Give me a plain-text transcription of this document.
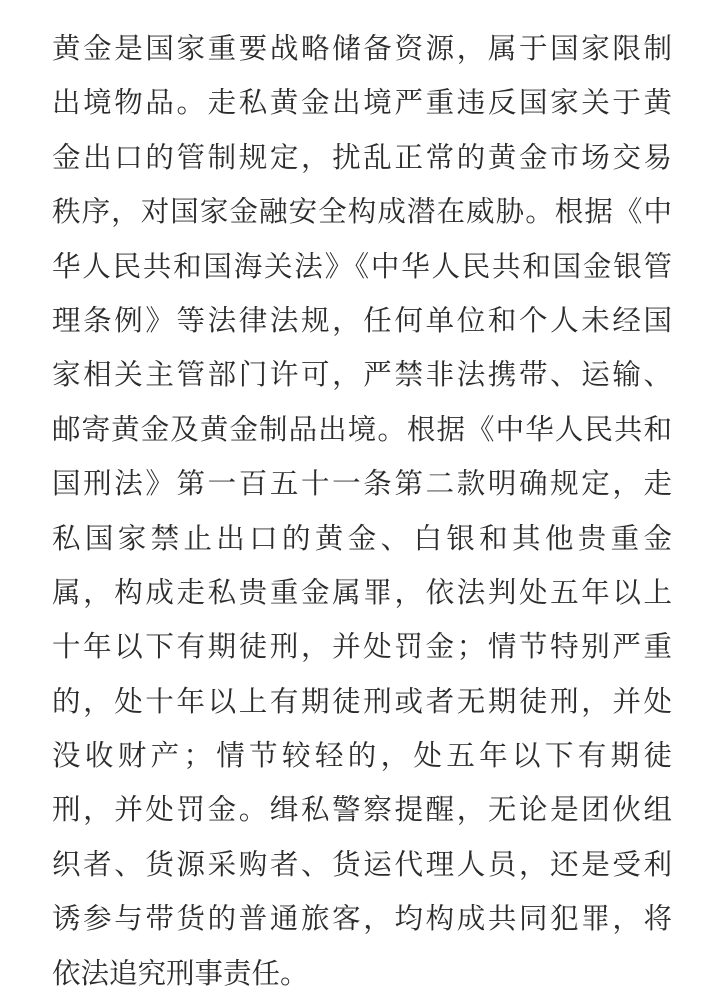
黄金是国家重要战略储备资源，属于国家限制
出境物品。走私黄金出境严重违反国家关于黄
金出口的管制规定，扰乱正常的黄金市场交易
秩序，对国家金融安全构成潜在威胁。根据《中
华人民共和国海关法》《中华人民共和国金银管
理条例》等法律法规，任何单位和个人未经国
家相关主管部门许可，严禁非法携带、运输、
邮寄黄金及黄金制品出境。根据《中华人民共和
国刑法》第一百五十一条第二款明确规定，走
私国家禁止出口的黄金、白银和其他贵重金
属，构成走私贵重金属罪，依法判处五年以上
十年以下有期徒刑，并处罚金；情节特别严重
的，处十年以上有期徒刑或者无期徒刑，并处
没收财产；情节较轻的，处五年以下有期徒
刑，并处罚金。缉私警察提醒，无论是团伙组
织者、货源采购者、货运代理人员，还是受利
诱参与带货的普通旅客，均构成共同犯罪，将
依法追究刑事责任。
